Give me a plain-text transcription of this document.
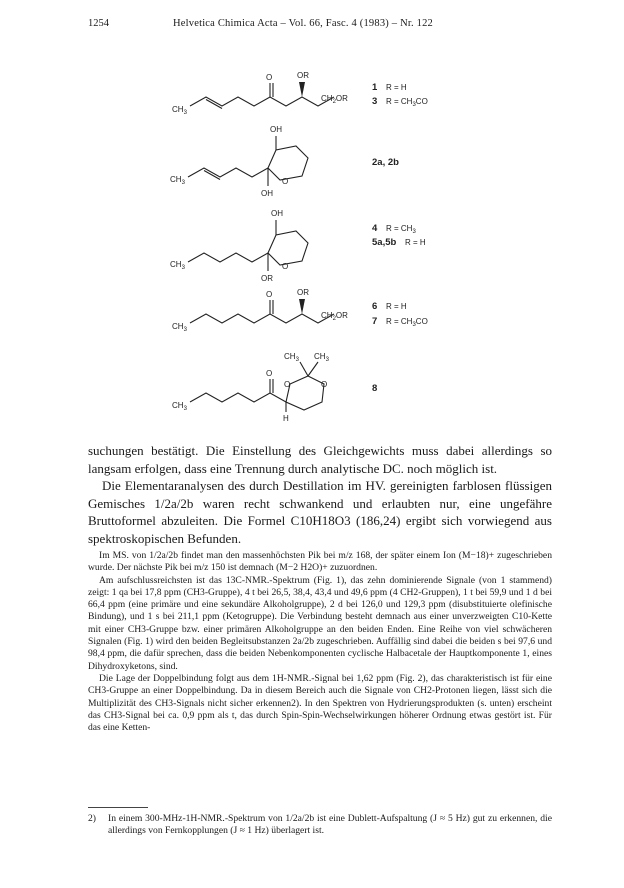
1254	Helvetica Chimica Acta – Vol. 66, Fasc. 4 (1983) – Nr. 122
$CH_3$
O	OR
$CH_2OR$
1 R = H
3 $R = CH_3CO$
$CH_3$
OH
O
OH
2a, 2b
$CH_3$
OH
O
OR
4 $R = CH_3$
5a,5b R = H
$CH_3$
O	OR
$CH_2OR$
6 R = H
7 $R = CH_3CO$
$CH_3$
O
O	O
$CH_3$ $CH_3$
H
8

suchungen bestätigt. Die Einstellung des Gleichgewichts muss dabei allerdings so langsam erfolgen, dass eine Trennung durch analytische DC. noch möglich ist.

Die Elementaranalysen des durch Destillation im HV. gereinigten farblosen flüssigen Gemisches 1/2a/2b waren recht schwankend und erlaubten nur, eine ungefähre Bruttoformel abzuleiten. Die Formel C10H18O3 (186,24) ergibt sich vorwiegend aus spektroskopischen Befunden.

Im MS. von 1/2a/2b findet man den massenhöchsten Pik bei m/z 168, der später einem Ion (M−18)+ zugeschrieben wurde. Der nächste Pik bei m/z 150 ist demnach (M−2 H2O)+ zuzuordnen.

Am aufschlussreichsten ist das 13C-NMR.-Spektrum (Fig. 1), das zehn dominierende Signale (von 1 stammend) zeigt: 1 qa bei 17,8 ppm (CH3-Gruppe), 4 t bei 26,5, 38,4, 43,4 und 49,6 ppm (4 CH2-Gruppen), 1 t bei 59,9 und 1 d bei 66,4 ppm (eine primäre und eine sekundäre Alkoholgruppe), 2 d bei 126,0 und 129,3 ppm (disubstituierte olefinische Bindung), und 1 s bei 211,1 ppm (Ketogruppe). Die Verbindung besteht demnach aus einer unverzweigten C10-Kette mit einer CH3-Gruppe bzw. einer primären Alkoholgruppe an den beiden Enden. Eine Reihe von viel schwächeren Signalen (Fig. 1) wird den beiden Begleitsubstanzen 2a/2b zugeschrieben. Auffällig sind dabei die beiden s bei 97,6 und 98,4 ppm, die dafür sprechen, dass die beiden Nebenkomponenten cyclische Halbacetale der Hauptkomponente 1, eines Dihydroxyketons, sind.

Die Lage der Doppelbindung folgt aus dem 1H-NMR.-Signal bei 1,62 ppm (Fig. 2), das charakteristisch ist für eine CH3-Gruppe an einer Doppelbindung. Da in diesem Bereich auch die Signale von CH2-Protonen liegen, lässt sich die Multiplizität des CH3-Signals nicht sicher erkennen2). In den Spektren von Hydrierungsprodukten (s. unten) erscheint das CH3-Signal bei ca. 0,9 ppm als t, das durch Spin-Spin-Wechselwirkungen höherer Ordnung etwas gestört ist. Für das eine Ketten-

2) In einem 300-MHz-1H-NMR.-Spektrum von 1/2a/2b ist eine Dublett-Aufspaltung (J ≈ 5 Hz) gut zu erkennen, die allerdings von Fernkopplungen (J ≈ 1 Hz) überlagert ist.
